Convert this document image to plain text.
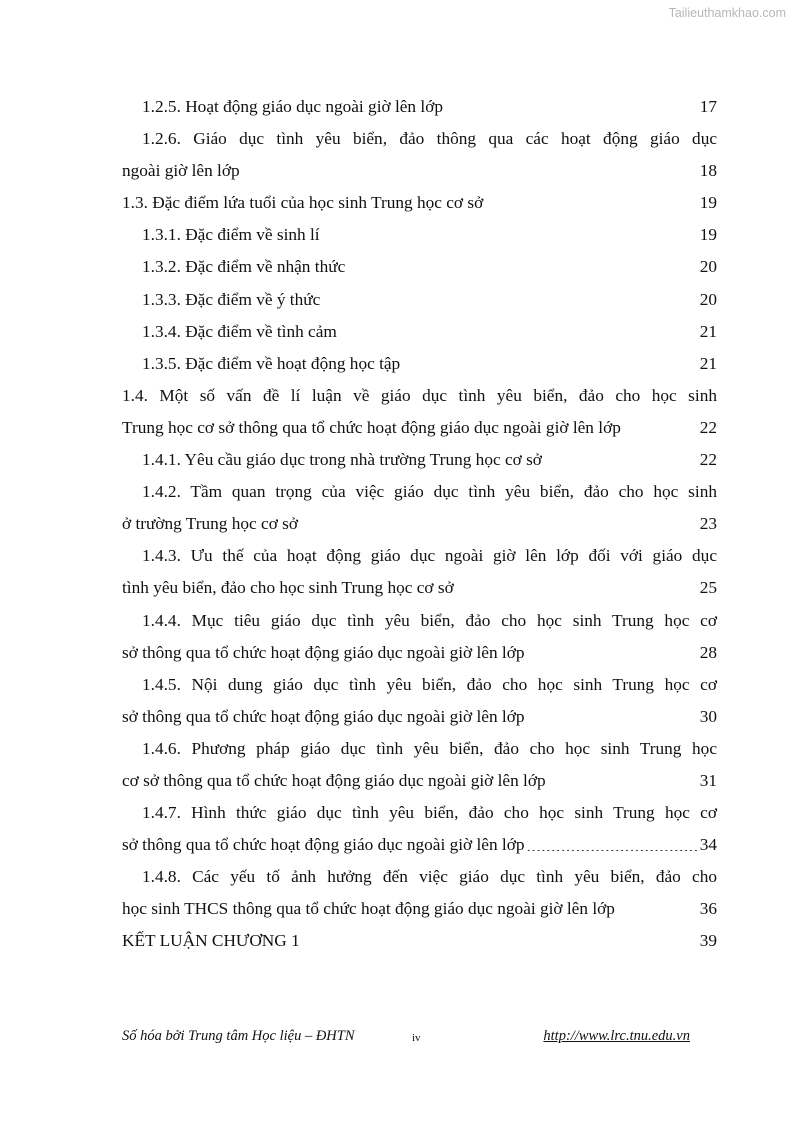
Tailieuthamkhao.com
1.2.5. Hoạt động giáo dục ngoài giờ lên lớp .....	17
1.2.6. Giáo dục tình yêu biển, đảo thông qua các hoạt động giáo dục
ngoài giờ lên lớp .....	18
1.3. Đặc điểm lứa tuổi của học sinh Trung học cơ sở .....	19
1.3.1. Đặc điểm về sinh lí .....	19
1.3.2. Đặc điểm về nhận thức .....	20
1.3.3. Đặc điểm về ý thức .....	20
1.3.4. Đặc điểm về tình cảm .....	21
1.3.5. Đặc điểm về hoạt động học tập .....	21
1.4. Một số vấn đề lí luận về giáo dục tình yêu biển, đảo cho học sinh
Trung học cơ sở thông qua tổ chức hoạt động giáo dục ngoài giờ lên lớp .....	22
1.4.1. Yêu cầu giáo dục trong nhà trường Trung học cơ sở .....	22
1.4.2. Tầm quan trọng của việc giáo dục tình yêu biển, đảo cho học sinh
ở trường Trung học cơ sở .....	23
1.4.3. Ưu thế của hoạt động giáo dục ngoài giờ lên lớp đối với giáo dục
tình yêu biển, đảo cho học sinh Trung học cơ sở .....	25
1.4.4. Mục tiêu giáo dục tình yêu biển, đảo cho học sinh Trung học cơ
sở thông qua tổ chức hoạt động giáo dục ngoài giờ lên lớp .....	28
1.4.5. Nội dung giáo dục tình yêu biển, đảo cho học sinh Trung học cơ
sở thông qua tổ chức hoạt động giáo dục ngoài giờ lên lớp .....	30
1.4.6. Phương pháp giáo dục tình yêu biển, đảo cho học sinh Trung học
cơ sở thông qua tổ chức hoạt động giáo dục ngoài giờ lên lớp .....	31
1.4.7. Hình thức giáo dục tình yêu biển, đảo cho học sinh Trung học cơ
sở thông qua tổ chức hoạt động giáo dục ngoài giờ lên lớp .....	34
1.4.8. Các yếu tố ảnh hưởng đến việc giáo dục tình yêu biển, đảo cho
học sinh THCS thông qua tổ chức hoạt động giáo dục ngoài giờ lên lớp .....	36
KẾT LUẬN CHƯƠNG 1 .....	39
Số hóa bởi Trung tâm Học liệu – ĐHTN	iv	http://www.lrc.tnu.edu.vn
